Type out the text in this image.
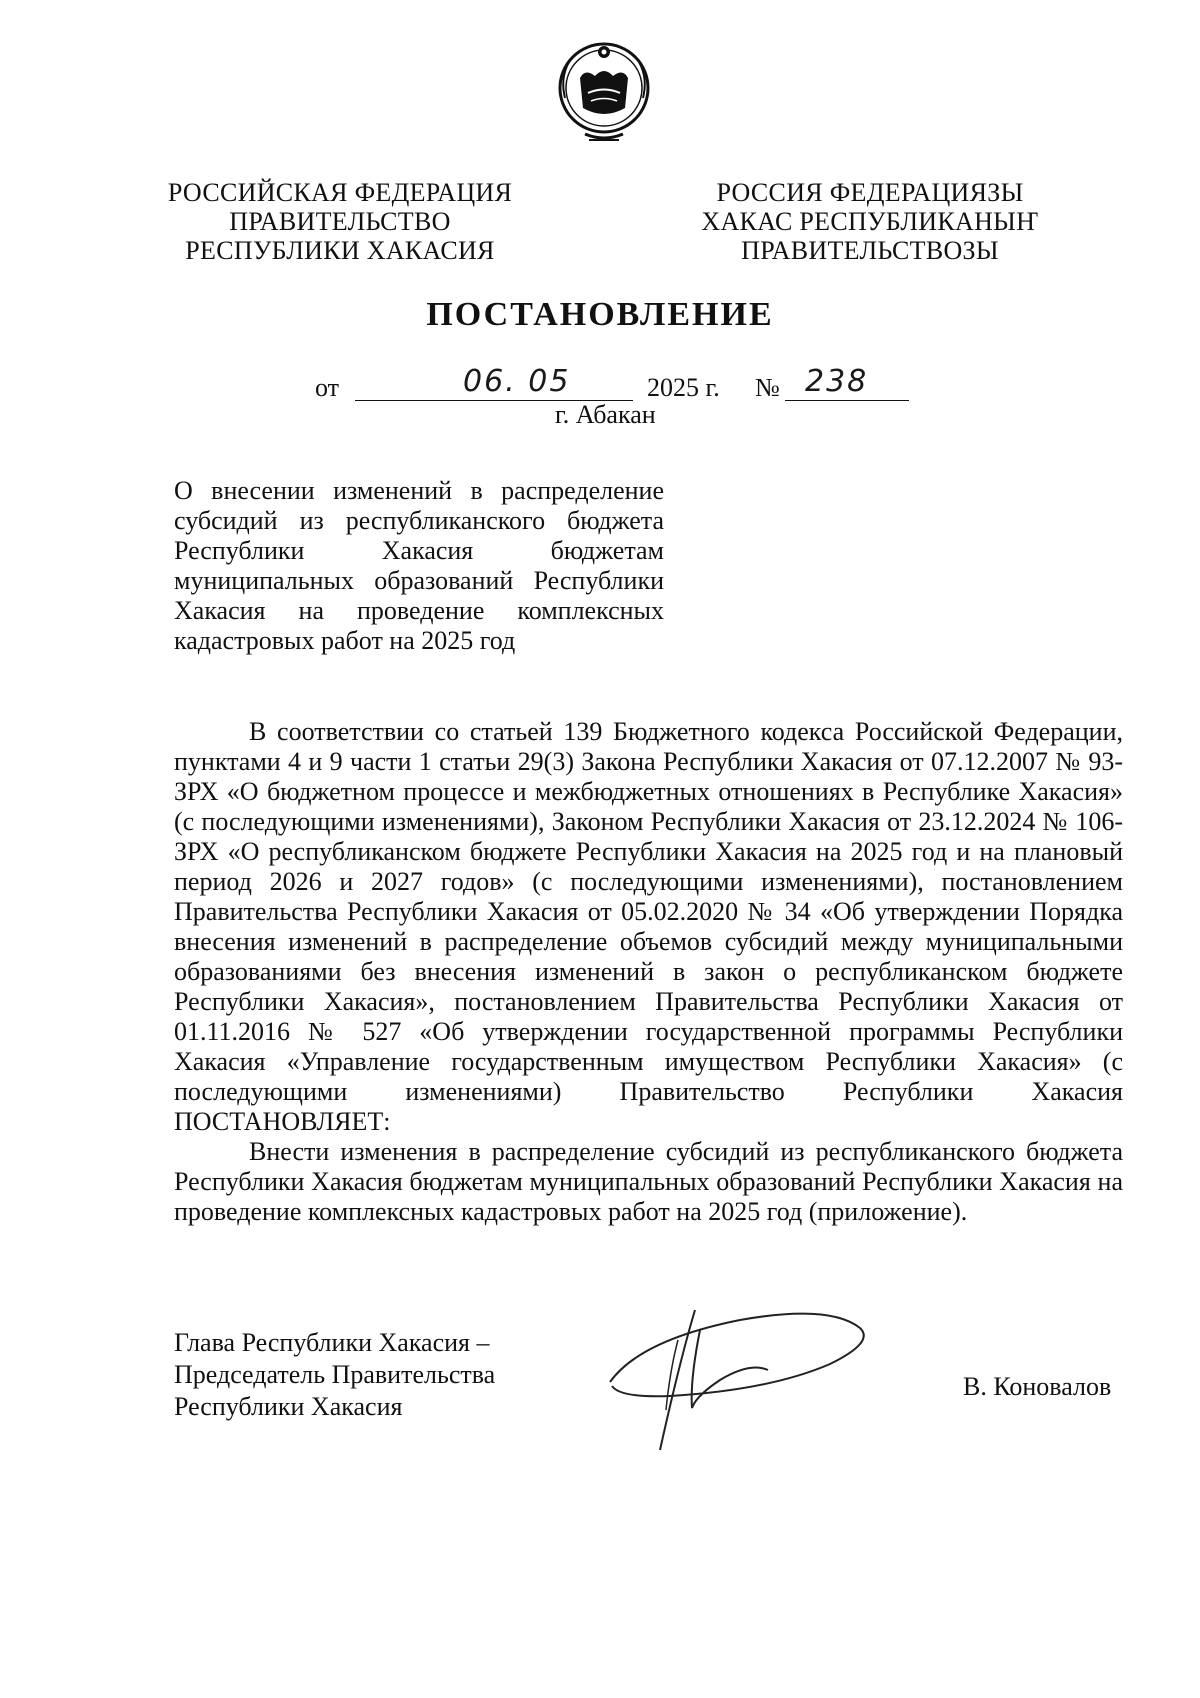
РОССИЙСКАЯ ФЕДЕРАЦИЯ
ПРАВИТЕЛЬСТВО
РЕСПУБЛИКИ ХАКАСИЯ
РОССИЯ ФЕДЕРАЦИЯЗЫ
ХАКАС РЕСПУБЛИКАНЫҤ
ПРАВИТЕЛЬСТВОЗЫ
ПОСТАНОВЛЕНИЕ
от	06. 05	2025 г. № 238
г. Абакан
О внесении изменений в распределение
субсидий из республиканского бюджета
Республики Хакасия бюджетам
муниципальных образований Республики
Хакасия на проведение комплексных
кадастровых работ на 2025 год

В соответствии со статьей 139 Бюджетного кодекса Российской Федерации, пунктами 4 и 9 части 1 статьи 29(3) Закона Республики Хакасия от 07.12.2007 № 93-ЗРХ «О бюджетном процессе и межбюджетных отношениях в Республике Хакасия» (с последующими изменениями), Законом Республики Хакасия от 23.12.2024 № 106-ЗРХ «О республиканском бюджете Республики Хакасия на 2025 год и на плановый период 2026 и 2027 годов» (с последующими изменениями), постановлением Правительства Республики Хакасия от 05.02.2020 № 34 «Об утверждении Порядка внесения изменений в распределение объемов субсидий между муниципальными образованиями без внесения изменений в закон о республиканском бюджете Республики Хакасия», постановлением Правительства Республики Хакасия от 01.11.2016 № 527 «Об утверждении государственной программы Республики Хакасия «Управление государственным имуществом Республики Хакасия» (с последующими изменениями) Правительство Республики Хакасия ПОСТАНОВЛЯЕТ:

Внести изменения в распределение субсидий из республиканского бюджета Республики Хакасия бюджетам муниципальных образований Республики Хакасия на проведение комплексных кадастровых работ на 2025 год (приложение).

Глава Республики Хакасия –
Председатель Правительства
Республики Хакасия
В. Коновалов
